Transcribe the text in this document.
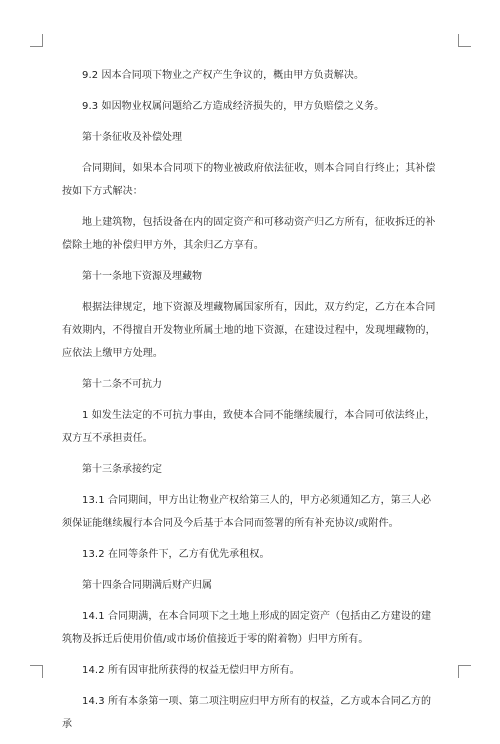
9.2 因本合同项下物业之产权产生争议的，概由甲方负责解决。

9.3 如因物业权属问题给乙方造成经济损失的，甲方负赔偿之义务。

第十条征收及补偿处理

合同期间，如果本合同项下的物业被政府依法征收，则本合同自行终止；其补偿按如下方式解决：

地上建筑物，包括设备在内的固定资产和可移动资产归乙方所有，征收拆迁的补偿除土地的补偿归甲方外，其余归乙方享有。

第十一条地下资源及埋藏物

根据法律规定，地下资源及埋藏物属国家所有，因此，双方约定，乙方在本合同有效期内，不得擅自开发物业所属土地的地下资源，在建设过程中，发现埋藏物的，应依法上缴甲方处理。

第十二条不可抗力

1 如发生法定的不可抗力事由，致使本合同不能继续履行，本合同可依法终止，双方互不承担责任。

第十三条承接约定

13.1 合同期间，甲方出让物业产权给第三人的，甲方必须通知乙方，第三人必须保证能继续履行本合同及今后基于本合同而签署的所有补充协议/或附件。

13.2 在同等条件下，乙方有优先承租权。

第十四条合同期满后财产归属

14.1 合同期满，在本合同项下之土地上形成的固定资产（包括由乙方建设的建筑物及拆迁后使用价值/或市场价值接近于零的附着物）归甲方所有。

14.2 所有因审批所获得的权益无偿归甲方所有。

14.3 所有本条第一项、第二项注明应归甲方所有的权益，乙方或本合同乙方的承
